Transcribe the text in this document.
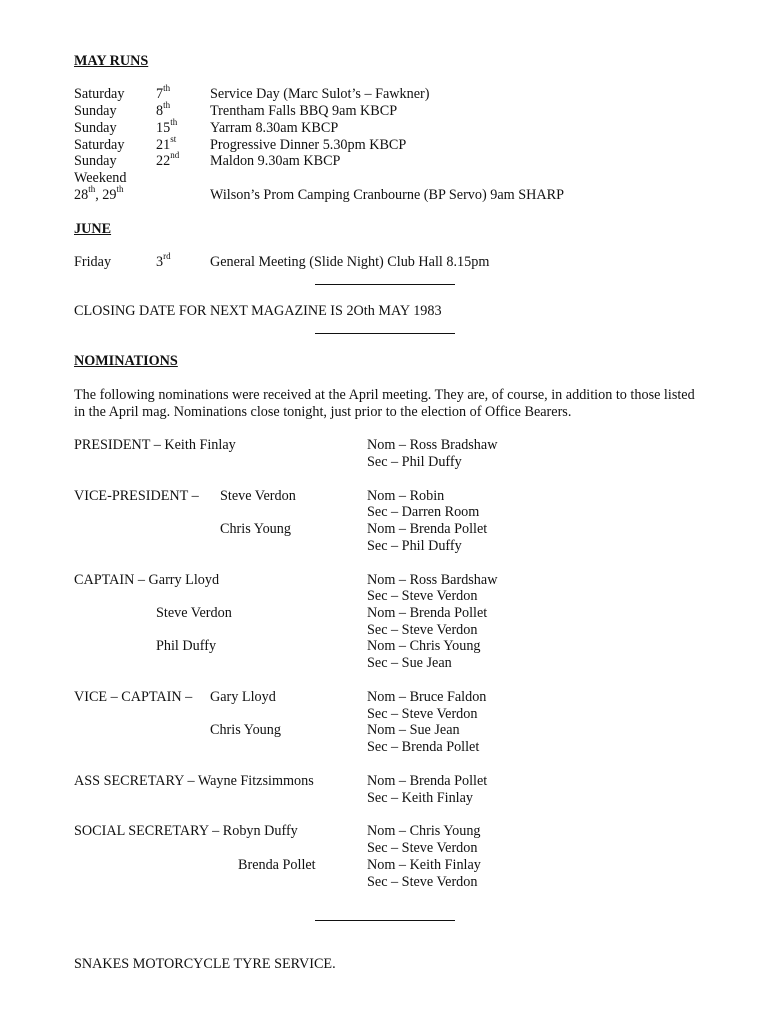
MAY RUNS
Saturday 7th	Service Day (Marc Sulot’s – Fawkner)
Sunday	8th	Trentham Falls BBQ 9am KBCP
Sunday	15th Yarram 8.30am KBCP
Saturday 21st Progressive Dinner 5.30pm KBCP
Sunday	22nd Maldon 9.30am KBCP
Weekend
28th, 29th	Wilson’s Prom Camping Cranbourne (BP Servo) 9am SHARP
JUNE
Friday	3rd	General Meeting (Slide Night) Club Hall 8.15pm
CLOSING DATE FOR NEXT MAGAZINE IS 2Oth MAY 1983
NOMINATIONS
The following nominations were received at the April meeting. They are, of course, in addition to those listed in the April mag. Nominations close tonight, just prior to the election of Office Bearers.
PRESIDENT – Keith Finlay	Nom – Ross Bradshaw
Sec – Phil Duffy
VICE-PRESIDENT – Steve Verdon	Nom – Robin
Sec – Darren Room
Chris Young	Nom – Brenda Pollet
Sec – Phil Duffy
CAPTAIN – Garry Lloyd	Nom – Ross Bardshaw
Sec – Steve Verdon
Steve Verdon	Nom – Brenda Pollet
Sec – Steve Verdon
Phil Duffy	Nom – Chris Young
Sec – Sue Jean
VICE – CAPTAIN – Gary Lloyd	Nom – Bruce Faldon
Sec – Steve Verdon
Chris Young	Nom – Sue Jean
Sec – Brenda Pollet
ASS SECRETARY – Wayne Fitzsimmons	Nom – Brenda Pollet
Sec – Keith Finlay
SOCIAL SECRETARY – Robyn Duffy	Nom – Chris Young
Sec – Steve Verdon
Brenda Pollet	Nom – Keith Finlay
Sec – Steve Verdon
SNAKES MOTORCYCLE TYRE SERVICE.
